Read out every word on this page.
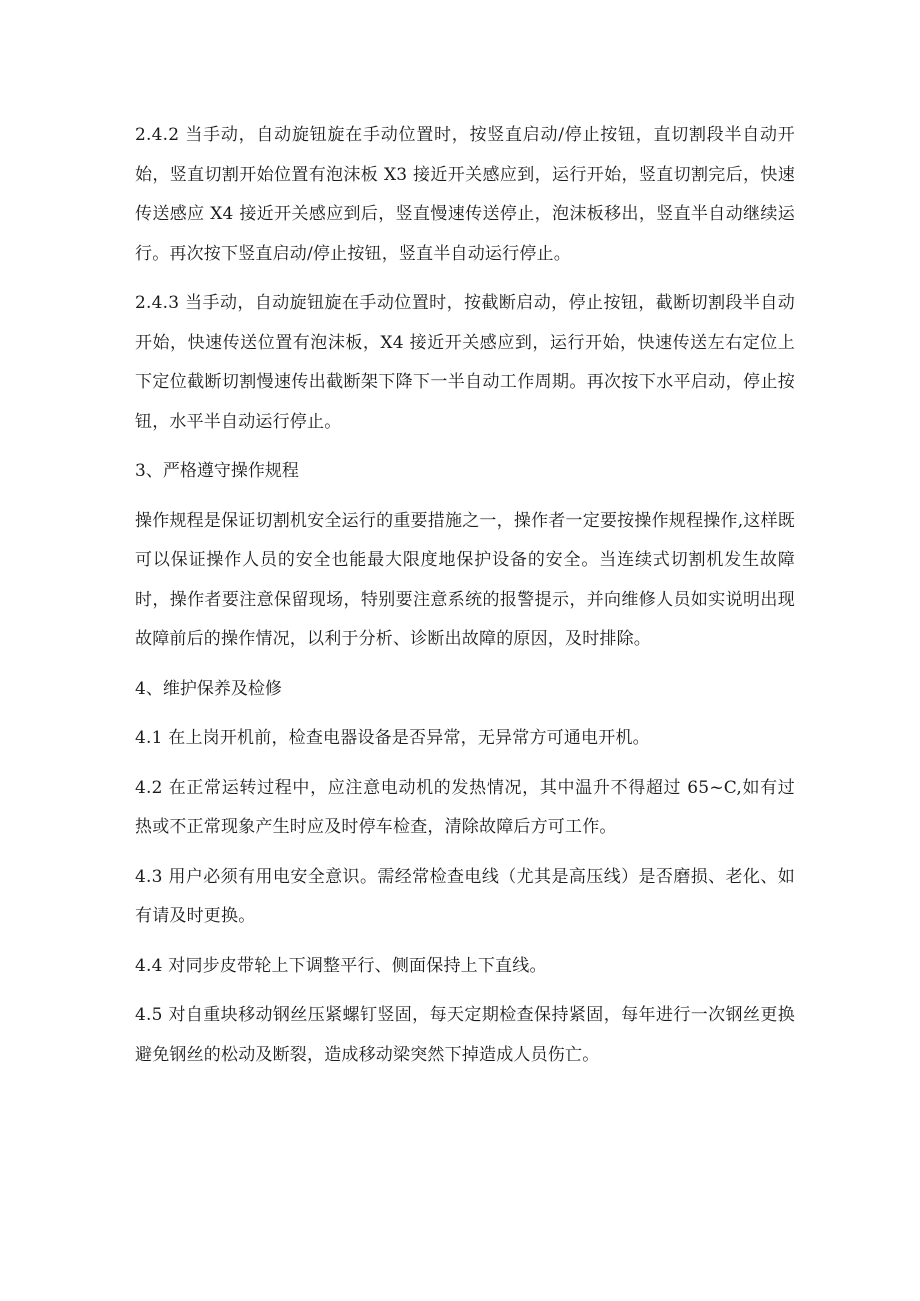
2.4.2 当手动，自动旋钮旋在手动位置时，按竖直启动/停止按钮，直切割段半自动开始，竖直切割开始位置有泡沫板 X3 接近开关感应到，运行开始，竖直切割完后，快速传送感应 X4 接近开关感应到后，竖直慢速传送停止，泡沫板移出，竖直半自动继续运行。再次按下竖直启动/停止按钮，竖直半自动运行停止。

2.4.3 当手动，自动旋钮旋在手动位置时，按截断启动，停止按钮，截断切割段半自动开始，快速传送位置有泡沫板，X4 接近开关感应到，运行开始，快速传送左右定位上下定位截断切割慢速传出截断架下降下一半自动工作周期。再次按下水平启动，停止按钮，水平半自动运行停止。

3、严格遵守操作规程

操作规程是保证切割机安全运行的重要措施之一，操作者一定要按操作规程操作,这样既可以保证操作人员的安全也能最大限度地保护设备的安全。当连续式切割机发生故障时，操作者要注意保留现场，特别要注意系统的报警提示，并向维修人员如实说明出现故障前后的操作情况，以利于分析、诊断出故障的原因，及时排除。

4、维护保养及检修

4.1 在上岗开机前，检查电器设备是否异常，无异常方可通电开机。

4.2 在正常运转过程中，应注意电动机的发热情况，其中温升不得超过 65~C,如有过热或不正常现象产生时应及时停车检查，清除故障后方可工作。

4.3 用户必须有用电安全意识。需经常检查电线（尤其是高压线）是否磨损、老化、如有请及时更换。

4.4 对同步皮带轮上下调整平行、侧面保持上下直线。

4.5 对自重块移动钢丝压紧螺钉竖固，每天定期检查保持紧固，每年进行一次钢丝更换避免钢丝的松动及断裂，造成移动梁突然下掉造成人员伤亡。
